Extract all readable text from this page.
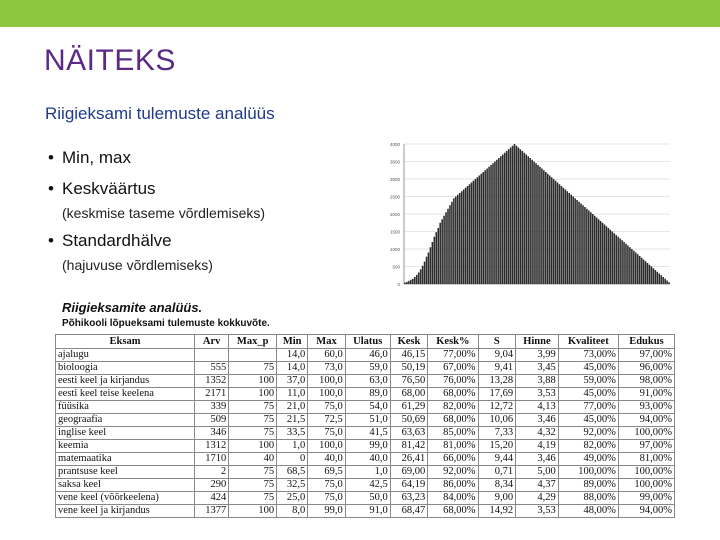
NÄITEKS
Riigieksami tulemuste analüüs
• Min, max
• Keskväärtus
(keskmise taseme võrdlemiseks)
• Standardhälve
(hajuvuse võrdlemiseks)
4000
3500
3000
2500
2000
1500
1000
500
0
Riigieksamite analüüs.
Põhikooli lõpueksami tulemuste kokkuvõte.
Eksam	Arv	Max_p	Min	Max	Ulatus	Kesk	Kesk%	S	Hinne	Kvaliteet	Edukus
ajalugu			14,0	60,0	46,0	46,15	77,00%	9,04	3,99	73,00%	97,00%
bioloogia	555	75	14,0	73,0	59,0	50,19	67,00%	9,41	3,45	45,00%	96,00%
eesti keel ja kirjandus	1352	100	37,0	100,0	63,0	76,50	76,00%	13,28	3,88	59,00%	98,00%
eesti keel teise keelena	2171	100	11,0	100,0	89,0	68,00	68,00%	17,69	3,53	45,00%	91,00%
füüsika	339	75	21,0	75,0	54,0	61,29	82,00%	12,72	4,13	77,00%	93,00%
geograafia	509	75	21,5	72,5	51,0	50,69	68,00%	10,06	3,46	45,00%	94,00%
inglise keel	346	75	33,5	75,0	41,5	63,63	85,00%	7,33	4,32	92,00%	100,00%
keemia	1312	100	1,0	100,0	99,0	81,42	81,00%	15,20	4,19	82,00%	97,00%
matemaatika	1710	40	0	40,0	40,0	26,41	66,00%	9,44	3,46	49,00%	81,00%
prantsuse keel	2	75	68,5	69,5	1,0	69,00	92,00%	0,71	5,00	100,00%	100,00%
saksa keel	290	75	32,5	75,0	42,5	64,19	86,00%	8,34	4,37	89,00%	100,00%
vene keel (võõrkeelena)	424	75	25,0	75,0	50,0	63,23	84,00%	9,00	4,29	88,00%	99,00%
vene keel ja kirjandus	1377	100	8,0	99,0	91,0	68,47	68,00%	14,92	3,53	48,00%	94,00%
